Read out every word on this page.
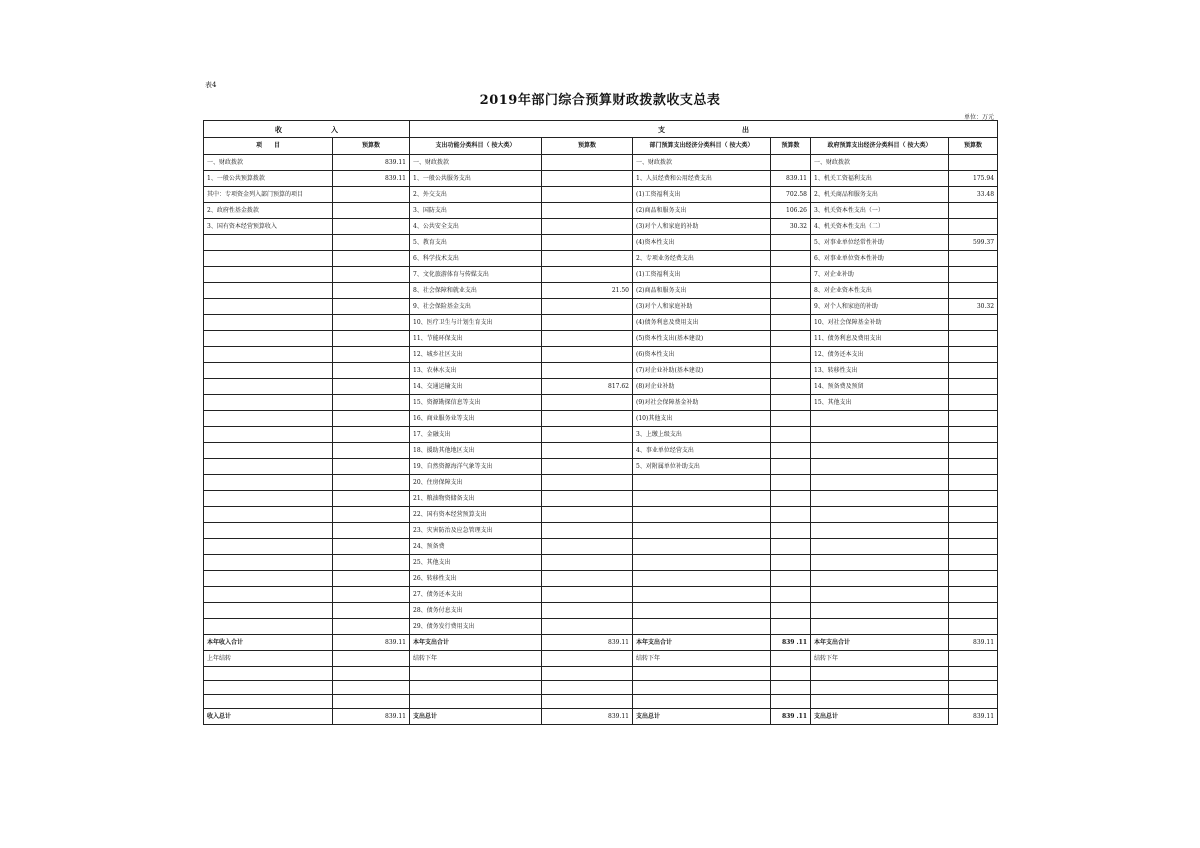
表4
2019年部门综合预算财政拨款收支总表
单位：万元
收　　　　　　　入		支　　　　　　　　　　　出					
项　　目	预算数	支出功能分类科目（ 按大类）	预算数	部门预算支出经济分类科目（ 按大类）	预算数	政府预算支出经济分类科目（ 按大类）	预算数
一、财政拨款	839.11	一、财政拨款		一、财政拨款		一、财政拨款	
1、一般公共预算拨款	839.11	1、一般公共服务支出		1、人员经费和公用经费支出	839.11	1、机关工资福利支出	175.94
其中：专项资金列入部门预算的项目		2、外交支出		(1)工资福利支出	702.58	2、机关商品和服务支出	33.48
2、政府性基金拨款		3、国防支出		(2)商品和服务支出	106.26	3、机关资本性支出（一）	
3、国有资本经营预算收入		4、公共安全支出		(3)对个人和家庭的补助	30.32	4、机关资本性支出（二）	
		5、教育支出		(4)资本性支出		5、对事业单位经常性补助	599.37
		6、科学技术支出		2、专项业务经费支出		6、对事业单位资本性补助	
		7、文化旅游体育与传媒支出		(1)工资福利支出		7、对企业补助	
		8、社会保障和就业支出	21.50	(2)商品和服务支出		8、对企业资本性支出	
		9、社会保险基金支出		(3)对个人和家庭补助		9、对个人和家庭的补助	30.32
		10、医疗卫生与计划生育支出		(4)债务利息及费用支出		10、对社会保障基金补助	
		11、节能环保支出		(5)资本性支出(基本建设)		11、债务利息及费用支出	
		12、城乡社区支出		(6)资本性支出		12、债务还本支出	
		13、农林水支出		(7)对企业补助(基本建设)		13、转移性支出	
		14、交通运输支出	817.62	(8)对企业补助		14、预备费及预留	
		15、资源勘探信息等支出		(9)对社会保障基金补助		15、其他支出	
		16、商业服务业等支出		(10)其他支出			
		17、金融支出		3、上缴上级支出			
		18、援助其他地区支出		4、事业单位经营支出			
		19、自然资源海洋气象等支出		5、对附属单位补助支出			
		20、住房保障支出					
		21、粮油物资储备支出					
		22、国有资本经营预算支出					
		23、灾害防治及应急管理支出					
		24、预备费					
		25、其他支出					
		26、转移性支出					
		27、债务还本支出					
		28、债务付息支出					
		29、债务发行费用支出					
本年收入合计	839.11	本年支出合计	839.11	本年支出合计	839 .11	本年支出合计	839.11
上年结转		结转下年		结转下年		结转下年	

收入总计	839.11	支出总计	839.11	支出总计	839 .11	支出总计	839.11
